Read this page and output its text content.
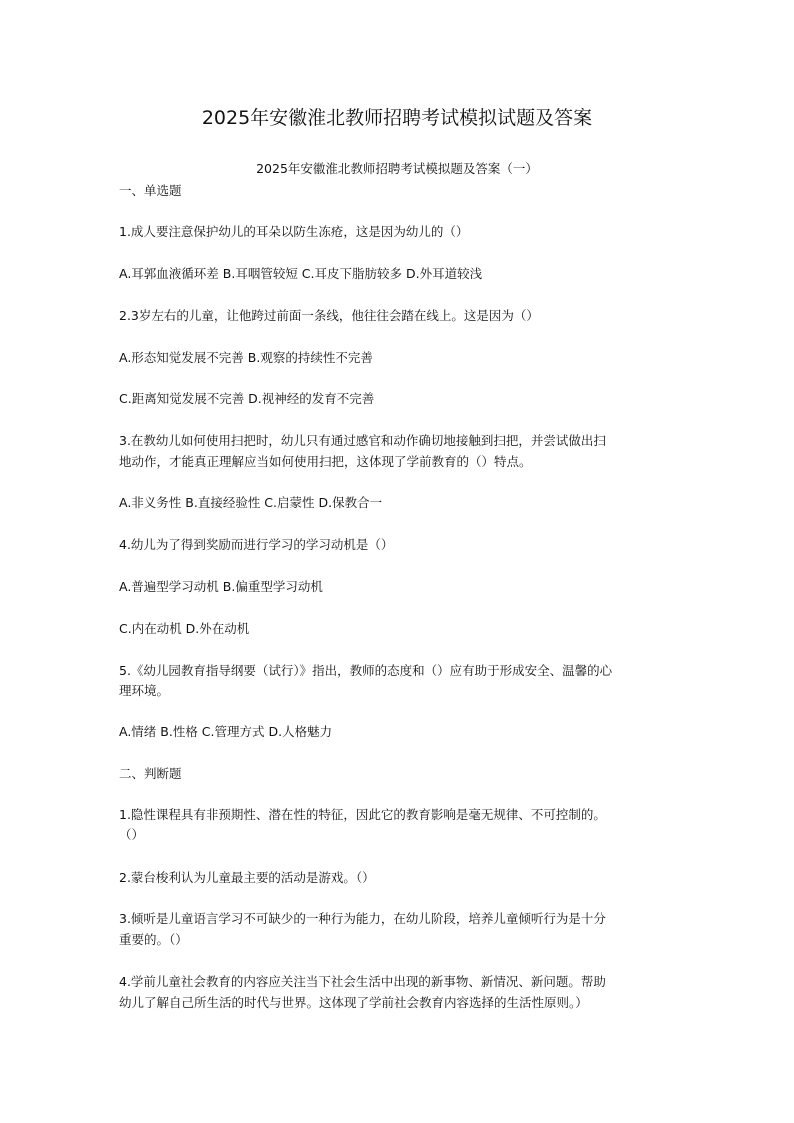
2025年安徽淮北教师招聘考试模拟试题及答案
2025年安徽淮北教师招聘考试模拟题及答案（一）
一、单选题
1.成人要注意保护幼儿的耳朵以防生冻疮，这是因为幼儿的（）
A.耳郭血液循环差 B.耳咽管较短 C.耳皮下脂肪较多 D.外耳道较浅
2.3岁左右的儿童，让他跨过前面一条线，他往往会踏在线上。这是因为（）
A.形态知觉发展不完善 B.观察的持续性不完善
C.距离知觉发展不完善 D.视神经的发育不完善
3.在教幼儿如何使用扫把时，幼儿只有通过感官和动作确切地接触到扫把，并尝试做出扫
地动作，才能真正理解应当如何使用扫把，这体现了学前教育的（）特点。
A.非义务性 B.直接经验性 C.启蒙性 D.保教合一
4.幼儿为了得到奖励而进行学习的学习动机是（）
A.普遍型学习动机 B.偏重型学习动机
C.内在动机 D.外在动机
5.《幼儿园教育指导纲要（试行）》指出，教师的态度和（）应有助于形成安全、温馨的心
理环境。
A.情绪 B.性格 C.管理方式 D.人格魅力
二、判断题
1.隐性课程具有非预期性、潜在性的特征，因此它的教育影响是毫无规律、不可控制的。
（）
2.蒙台梭利认为儿童最主要的活动是游戏。（）
3.倾听是儿童语言学习不可缺少的一种行为能力，在幼儿阶段，培养儿童倾听行为是十分
重要的。（）
4.学前儿童社会教育的内容应关注当下社会生活中出现的新事物、新情况、新问题。帮助
幼儿了解自己所生活的时代与世界。这体现了学前社会教育内容选择的生活性原则。）
